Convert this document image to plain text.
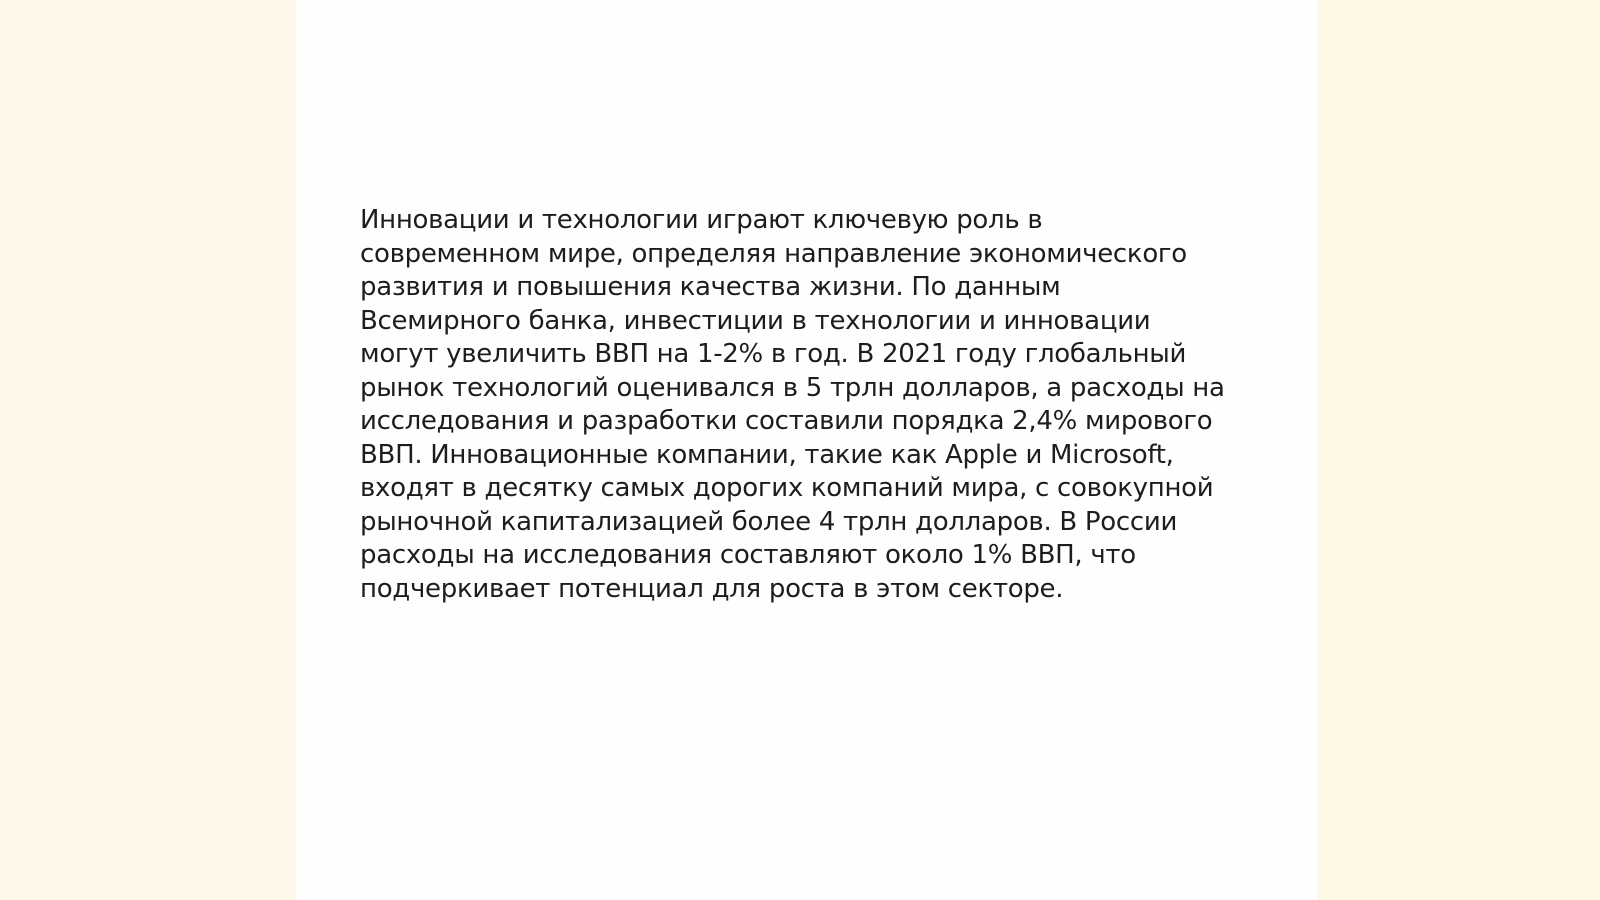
Инновации и технологии играют ключевую роль в
современном мире, определяя направление экономического
развития и повышения качества жизни. По данным
Всемирного банка, инвестиции в технологии и инновации
могут увеличить ВВП на 1-2% в год. В 2021 году глобальный
рынок технологий оценивался в 5 трлн долларов, а расходы на
исследования и разработки составили порядка 2,4% мирового
ВВП. Инновационные компании, такие как Apple и Microsoft,
входят в десятку самых дорогих компаний мира, с совокупной
рыночной капитализацией более 4 трлн долларов. В России
расходы на исследования составляют около 1% ВВП, что
подчеркивает потенциал для роста в этом секторе.
